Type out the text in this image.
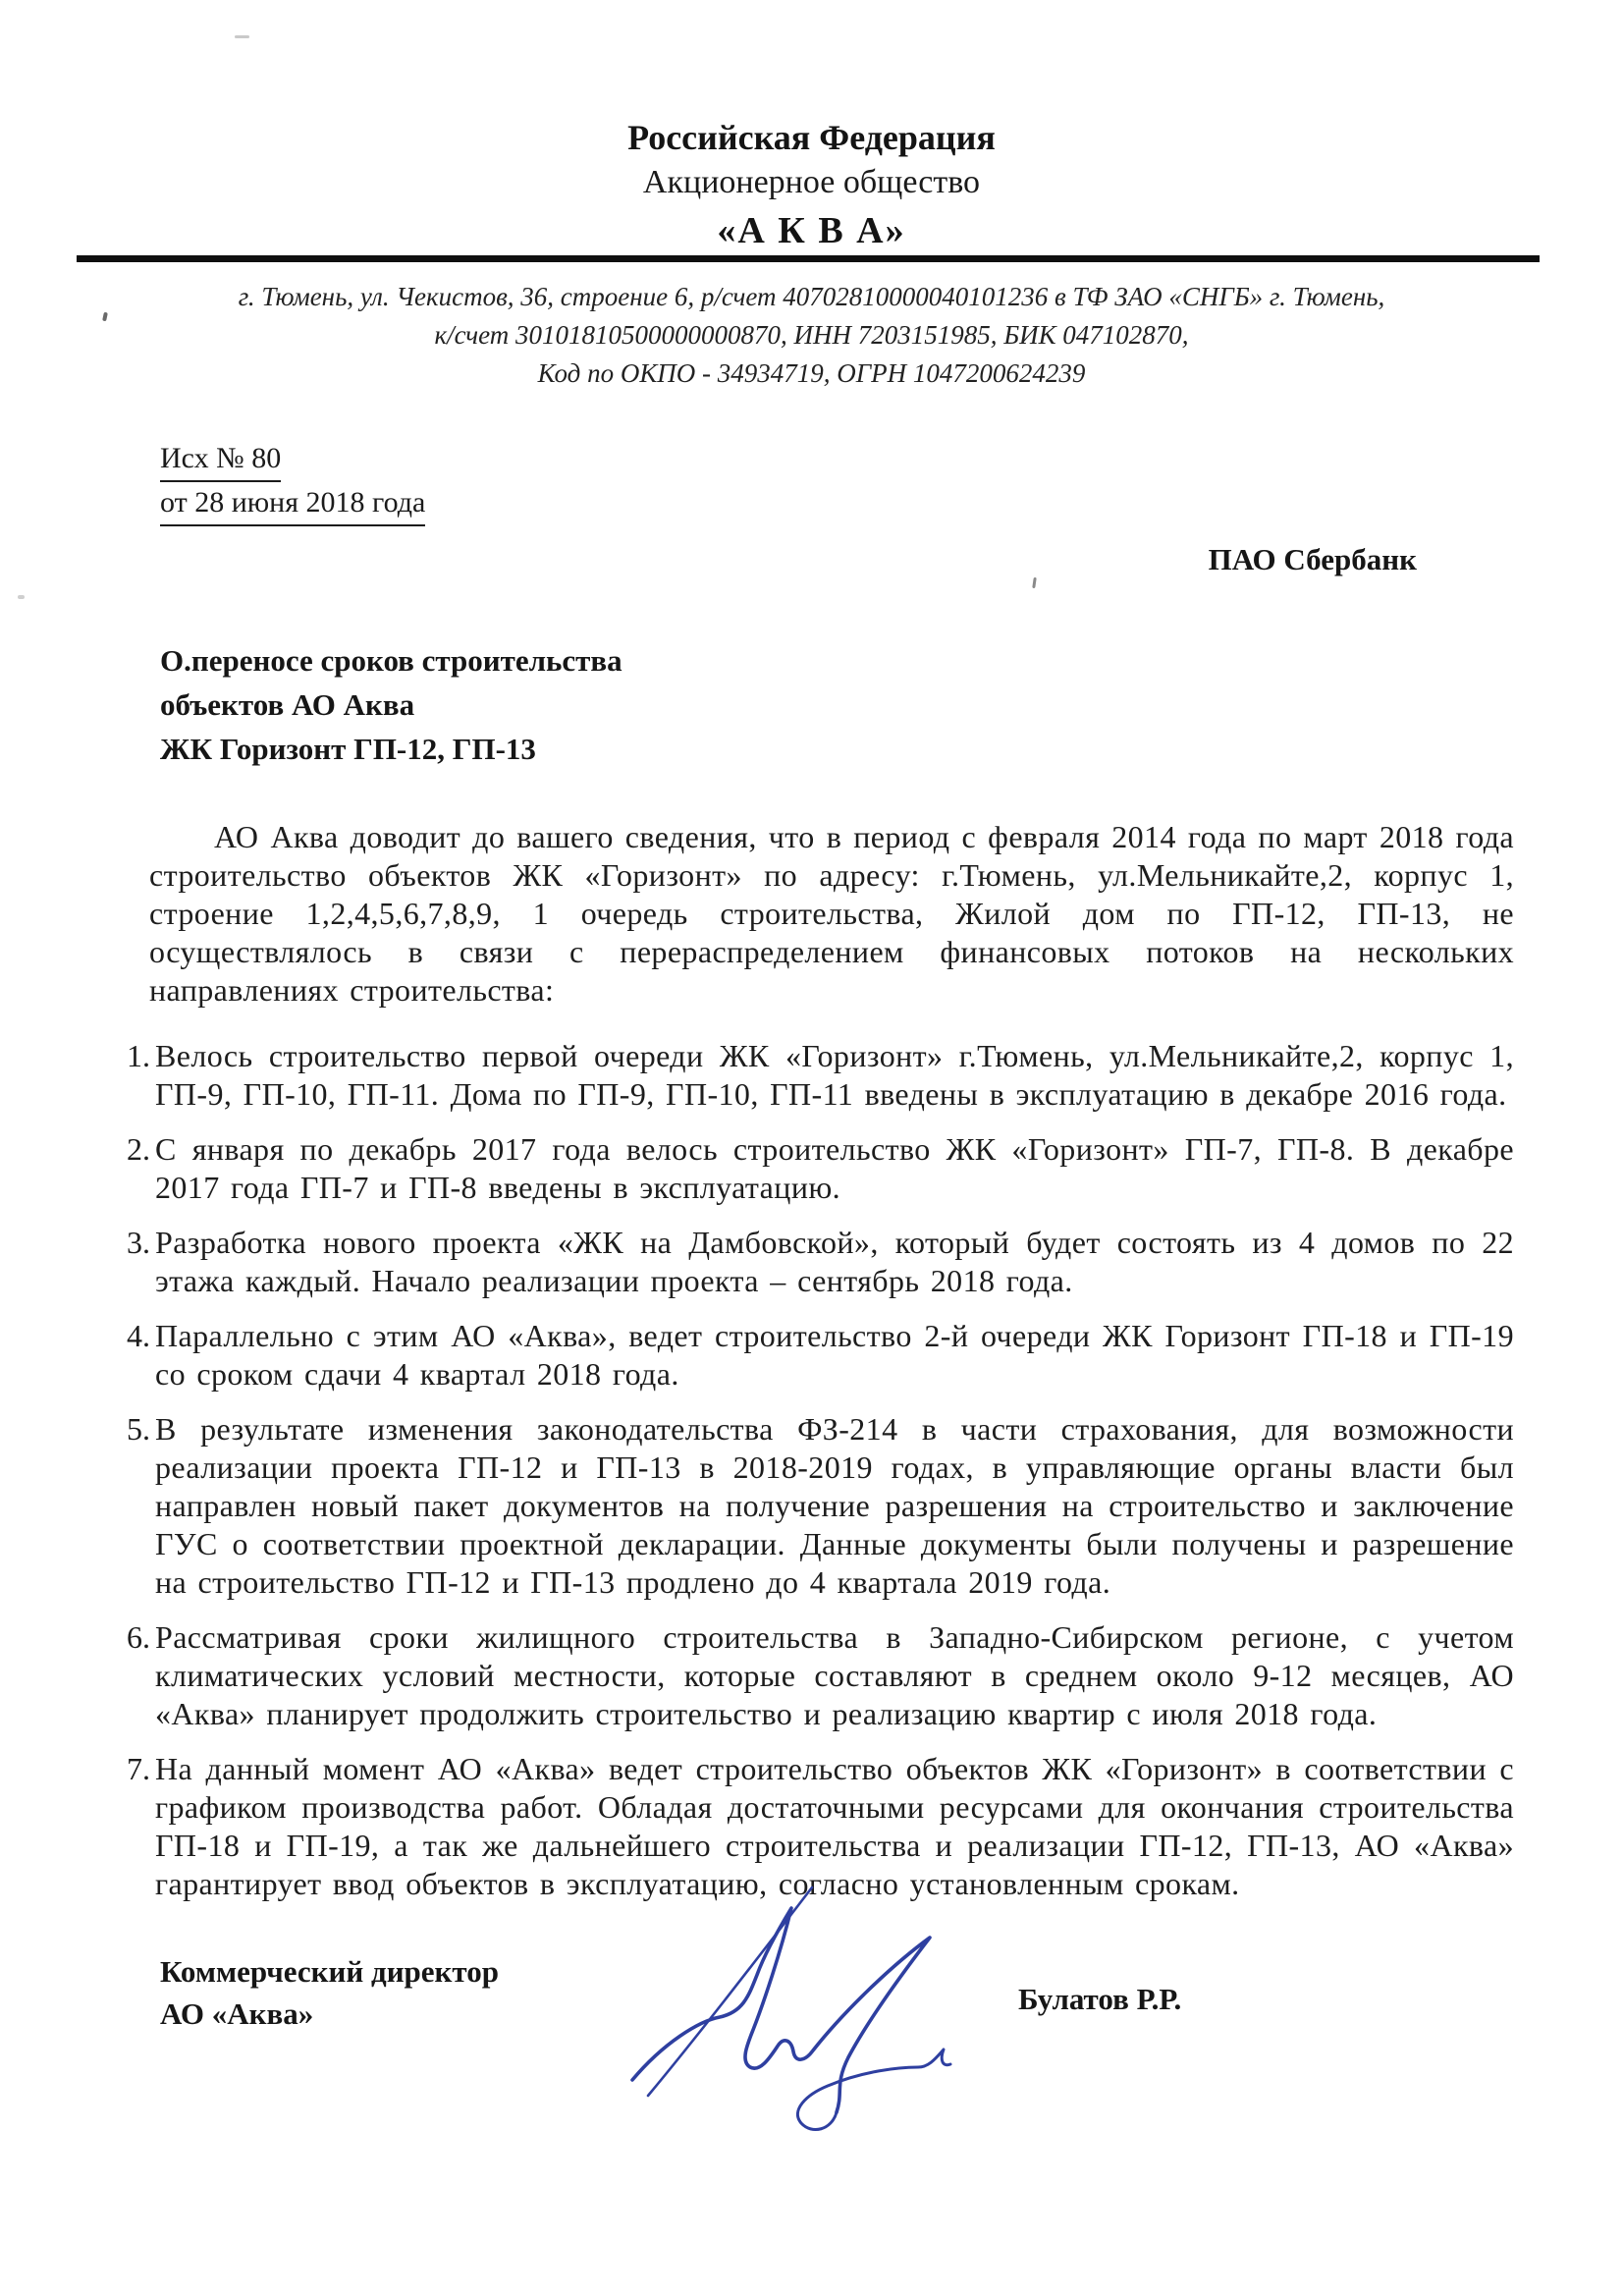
Российская Федерация
Акционерное общество
«А К В А»
г. Тюмень, ул. Чекистов, 36, строение 6, р/счет 40702810000040101236 в ТФ ЗАО «СНГБ» г. Тюмень,
к/счет 30101810500000000870, ИНН 7203151985, БИК 047102870,
Код по ОКПО - 34934719, ОГРН 1047200624239
Исх № 80
от 28 июня 2018 года
ПАО Сбербанк
О.переносе сроков строительства
объектов АО Аква
ЖК Горизонт ГП-12, ГП-13

АО Аква доводит до вашего сведения, что в период с февраля 2014 года по март 2018 года строительство объектов ЖК «Горизонт» по адресу: г.Тюмень, ул.Мельникайте,2, корпус 1, строение 1,2,4,5,6,7,8,9, 1 очередь строительства, Жилой дом по ГП-12, ГП-13, не осуществлялось в связи с перераспределением финансовых потоков на нескольких направлениях строительства:

1. Велось строительство первой очереди ЖК «Горизонт» г.Тюмень, ул.Мельникайте,2, корпус 1, ГП-9, ГП-10, ГП-11. Дома по ГП-9, ГП-10, ГП-11 введены в эксплуатацию в декабре 2016 года.
2. С января по декабрь 2017 года велось строительство ЖК «Горизонт» ГП-7, ГП-8. В декабре 2017 года ГП-7 и ГП-8 введены в эксплуатацию.
3. Разработка нового проекта «ЖК на Дамбовской», который будет состоять из 4 домов по 22 этажа каждый. Начало реализации проекта – сентябрь 2018 года.
4. Параллельно с этим АО «Аква», ведет строительство 2-й очереди ЖК Горизонт ГП-18 и ГП-19 со сроком сдачи 4 квартал 2018 года.
5. В результате изменения законодательства ФЗ-214 в части страхования, для возможности реализации проекта ГП-12 и ГП-13 в 2018-2019 годах, в управляющие органы власти был направлен новый пакет документов на получение разрешения на строительство и заключение ГУС о соответствии проектной декларации. Данные документы были получены и разрешение на строительство ГП-12 и ГП-13 продлено до 4 квартала 2019 года.
6. Рассматривая сроки жилищного строительства в Западно-Сибирском регионе, с учетом климатических условий местности, которые составляют в среднем около 9-12 месяцев, АО «Аква» планирует продолжить строительство и реализацию квартир с июля 2018 года.
7. На данный момент АО «Аква» ведет строительство объектов ЖК «Горизонт» в соответствии с графиком производства работ. Обладая достаточными ресурсами для окончания строительства ГП-18 и ГП-19, а так же дальнейшего строительства и реализации ГП-12, ГП-13, АО «Аква» гарантирует ввод объектов в эксплуатацию, согласно установленным срокам.
Коммерческий директор
АО «Аква»	Булатов Р.Р.
